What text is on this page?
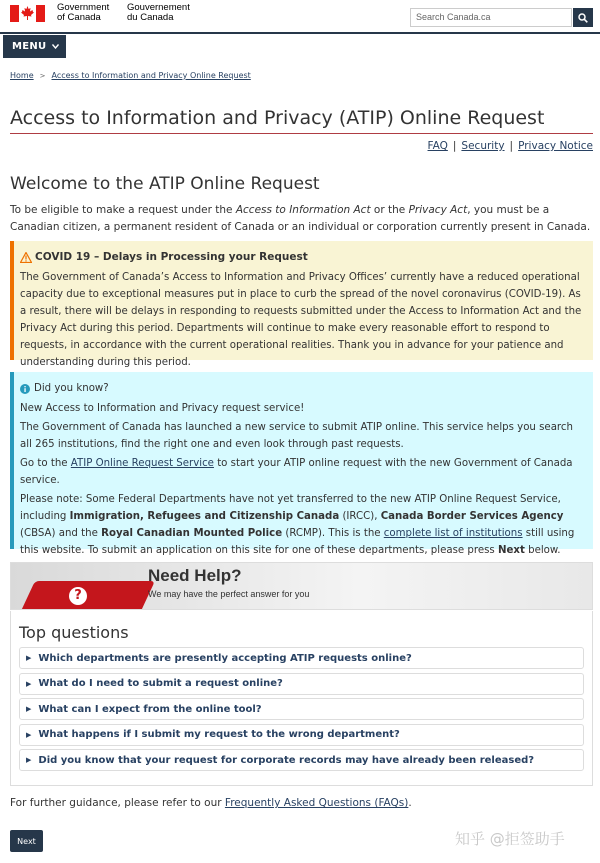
Government
of Canada
Gouvernement
du Canada	Search Canada.ca
MENU
Home > Access to Information and Privacy Online Request
Access to Information and Privacy (ATIP) Online Request
FAQ | Security | Privacy Notice
Welcome to the ATIP Online Request

To be eligible to make a request under the Access to Information Act or the Privacy Act, you must be a Canadian citizen, a permanent resident of Canada or an individual or corporation currently present in Canada.

COVID 19 – Delays in Processing your Request

The Government of Canada’s Access to Information and Privacy Offices’ currently have a reduced operational capacity due to exceptional measures put in place to curb the spread of the novel coronavirus (COVID-19). As a result, there will be delays in responding to requests submitted under the Access to Information Act and the Privacy Act during this period. Departments will continue to make every reasonable effort to respond to requests, in accordance with the current operational realities. Thank you in advance for your patience and understanding during this period.

Did you know?

New Access to Information and Privacy request service!

The Government of Canada has launched a new service to submit ATIP online. This service helps you search all 265 institutions, find the right one and even look through past requests.

Go to the ATIP Online Request Service to start your ATIP online request with the new Government of Canada service.

Please note: Some Federal Departments have not yet transferred to the new ATIP Online Request Service, including Immigration, Refugees and Citizenship Canada (IRCC), Canada Border Services Agency (CBSA) and the Royal Canadian Mounted Police (RCMP). This is the complete list of institutions still using this website. To submit an application on this site for one of these departments, please press Next below.

?
Need Help?
We may have the perfect answer for you
Top questions
▶ Which departments are presently accepting ATIP requests online?
▶ What do I need to submit a request online?
▶ What can I expect from the online tool?
▶ What happens if I submit my request to the wrong department?
▶ Did you know that your request for corporate records may have already been released?

For further guidance, please refer to our Frequently Asked Questions (FAQs).

Next	知乎 @拒签助手
